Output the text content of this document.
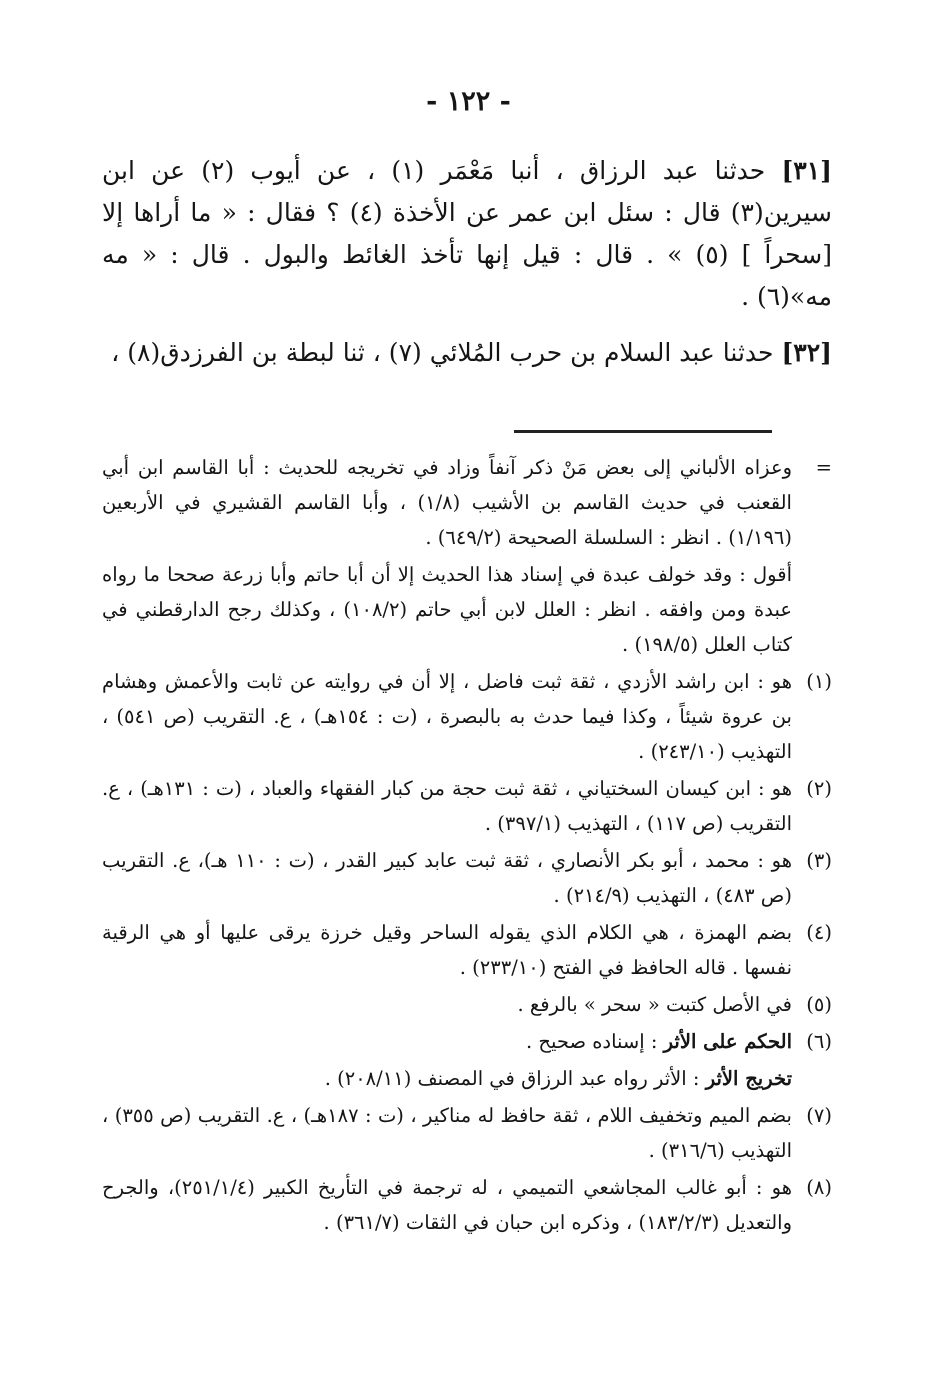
- ١٢٢ -

[٣١] حدثنا عبد الرزاق ، أنبا مَعْمَر (١) ، عن أيوب (٢) عن ابن سيرين(٣) قال : سئل ابن عمر عن الأخذة (٤) ؟ فقال : « ما أراها إلا [سحراً ] (٥) » . قال : قيل إنها تأخذ الغائط والبول . قال : « مه مه»(٦) .

[٣٢] حدثنا عبد السلام بن حرب المُلائي (٧) ، ثنا لبطة بن الفرزدق(٨) ،

=
وعزاه الألباني إلى بعض مَنْ ذكر آنفاً وزاد في تخريجه للحديث : أبا القاسم ابن أبي القعنب في حديث القاسم بن الأشيب (١/٨) ، وأبا القاسم القشيري في الأربعين (١/١٩٦) . انظر : السلسلة الصحيحة (٦٤٩/٢) .
أقول : وقد خولف عبدة في إسناد هذا الحديث إلا أن أبا حاتم وأبا زرعة صححا ما رواه عبدة ومن وافقه . انظر : العلل لابن أبي حاتم (١٠٨/٢) ، وكذلك رجح الدارقطني في كتاب العلل (١٩٨/٥) .
(١)
هو : ابن راشد الأزدي ، ثقة ثبت فاضل ، إلا أن في روايته عن ثابت والأعمش وهشام بن عروة شيئاً ، وكذا فيما حدث به بالبصرة ، (ت : ١٥٤هـ) ، ع. التقريب (ص ٥٤١) ، التهذيب (٢٤٣/١٠) .
(٢)
هو : ابن كيسان السختياني ، ثقة ثبت حجة من كبار الفقهاء والعباد ، (ت : ١٣١هـ) ، ع. التقريب (ص ١١٧) ، التهذيب (٣٩٧/١) .
(٣)
هو : محمد ، أبو بكر الأنصاري ، ثقة ثبت عابد كبير القدر ، (ت : ١١٠ هـ)، ع. التقريب (ص ٤٨٣) ، التهذيب (٢١٤/٩) .
(٤)
بضم الهمزة ، هي الكلام الذي يقوله الساحر وقيل خرزة يرقى عليها أو هي الرقية نفسها . قاله الحافظ في الفتح (٢٣٣/١٠) .
(٥)
في الأصل كتبت « سحر » بالرفع .
(٦)
الحكم على الأثر : إسناده صحيح .
تخريج الأثر : الأثر رواه عبد الرزاق في المصنف (٢٠٨/١١) .
(٧)
بضم الميم وتخفيف اللام ، ثقة حافظ له مناكير ، (ت : ١٨٧هـ) ، ع. التقريب (ص ٣٥٥) ، التهذيب (٣١٦/٦) .
(٨)
هو : أبو غالب المجاشعي التميمي ، له ترجمة في التأريخ الكبير (٢٥١/١/٤)، والجرح والتعديل (١٨٣/٢/٣) ، وذكره ابن حبان في الثقات (٣٦١/٧) .
